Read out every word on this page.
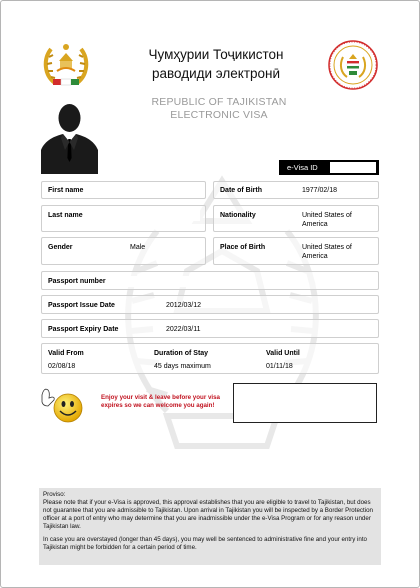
Чумҳурии Тоҷикистон
раводиди электронӣ
REPUBLIC OF TAJIKISTAN
ELECTRONIC VISA
e-Visa ID
First name	Date of Birth	1977/02/18
Last name	Nationality	United States of America
Gender	Male	Place of Birth	United States of America
Passport number
Passport Issue Date	2012/03/12
Passport Expiry Date	2022/03/11
Valid From
02/08/18
Duration of Stay
45 days maximum
Valid Until
01/11/18
Enjoy your visit & leave before your visa expires so we can welcome you again!

Proviso:

Please note that if your e-Visa is approved, this approval establishes that you are eligible to travel to Tajikistan, but does not guarantee that you are admissible to Tajikistan. Upon arrival in Tajikistan you will be inspected by a Border Protection officer at a port of entry who may determine that you are inadmissible under the e-Visa Program or for any reason under Tajikistan law.

In case you are overstayed (longer than 45 days), you may well be sentenced to administrative fine and your entry into Tajikistan might be forbidden for a certain period of time.
